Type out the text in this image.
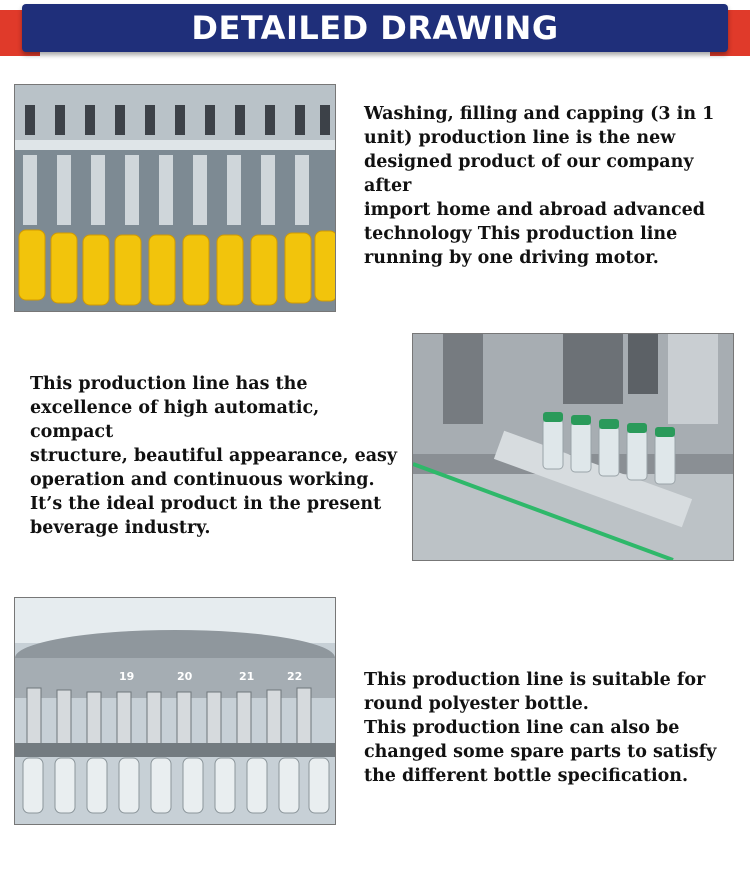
DETAILED DRAWING

Washing, filling and capping (3 in 1

unit) production line is the new

designed product of our company after

import home and abroad advanced

technology This production line

running by one driving motor.

This production line has the

excellence of high automatic, compact

structure, beautiful appearance, easy

operation and continuous working.

It’s the ideal product in the present

beverage industry.

19	20	21	22	This production line is suitable for

round polyester bottle.

This production line can also be

changed some spare parts to satisfy

the different bottle specification.
